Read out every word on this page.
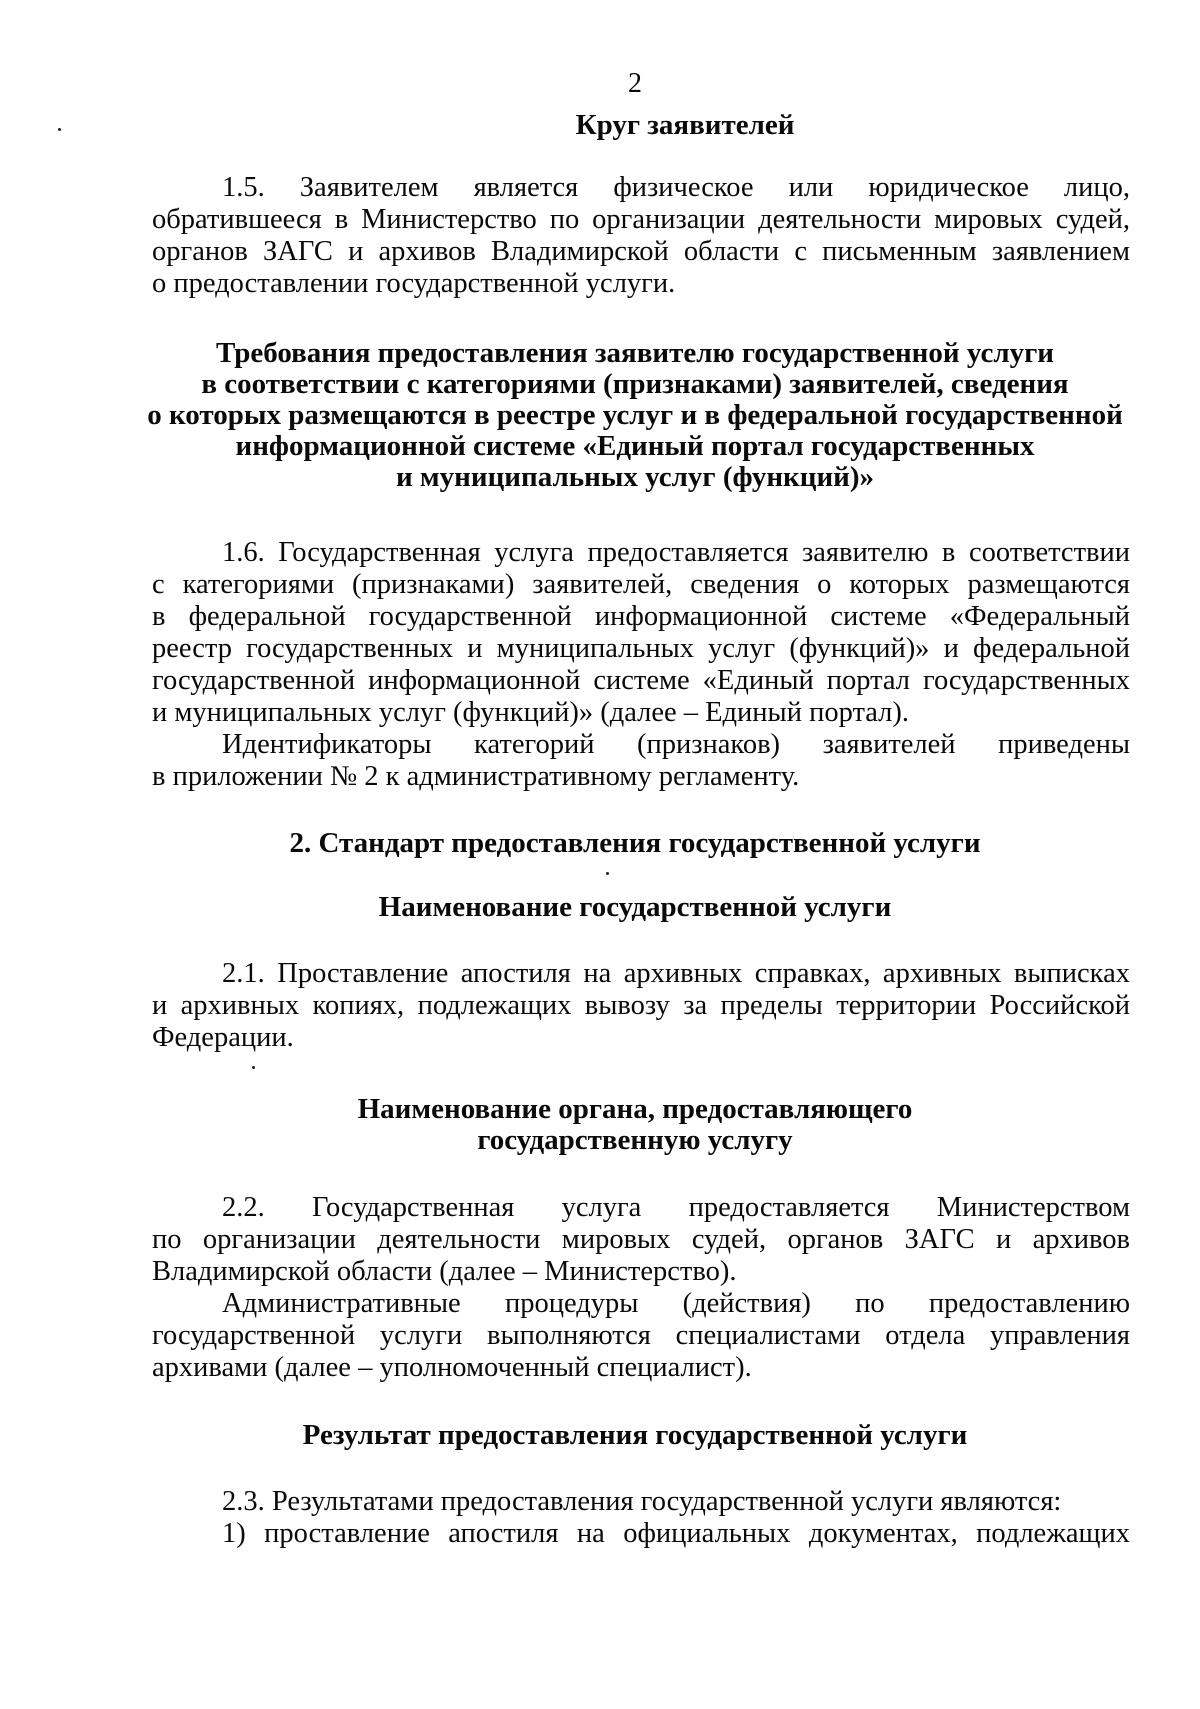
2
Круг заявителей
1.5. Заявителем является физическое или юридическое лицо,
обратившееся в Министерство по организации деятельности мировых судей,
органов ЗАГС и архивов Владимирской области с письменным заявлением
о предоставлении государственной услуги.
Требования предоставления заявителю государственной услуги
в соответствии с категориями (признаками) заявителей, сведения
о которых размещаются в реестре услуг и в федеральной государственной
информационной системе «Единый портал государственных
и муниципальных услуг (функций)»
1.6. Государственная услуга предоставляется заявителю в соответствии
с категориями (признаками) заявителей, сведения о которых размещаются
в федеральной государственной информационной системе «Федеральный
реестр государственных и муниципальных услуг (функций)» и федеральной
государственной информационной системе «Единый портал государственных
и муниципальных услуг (функций)» (далее – Единый портал).
Идентификаторы категорий (признаков) заявителей приведены
в приложении № 2 к административному регламенту.
2. Стандарт предоставления государственной услуги
Наименование государственной услуги
2.1. Проставление апостиля на архивных справках, архивных выписках
и архивных копиях, подлежащих вывозу за пределы территории Российской
Федерации.
Наименование органа, предоставляющего
государственную услугу
2.2. Государственная услуга предоставляется Министерством
по организации деятельности мировых судей, органов ЗАГС и архивов
Владимирской области (далее – Министерство).
Административные процедуры (действия) по предоставлению
государственной услуги выполняются специалистами отдела управления
архивами (далее – уполномоченный специалист).
Результат предоставления государственной услуги
2.3. Результатами предоставления государственной услуги являются:
1) проставление апостиля на официальных документах, подлежащих
